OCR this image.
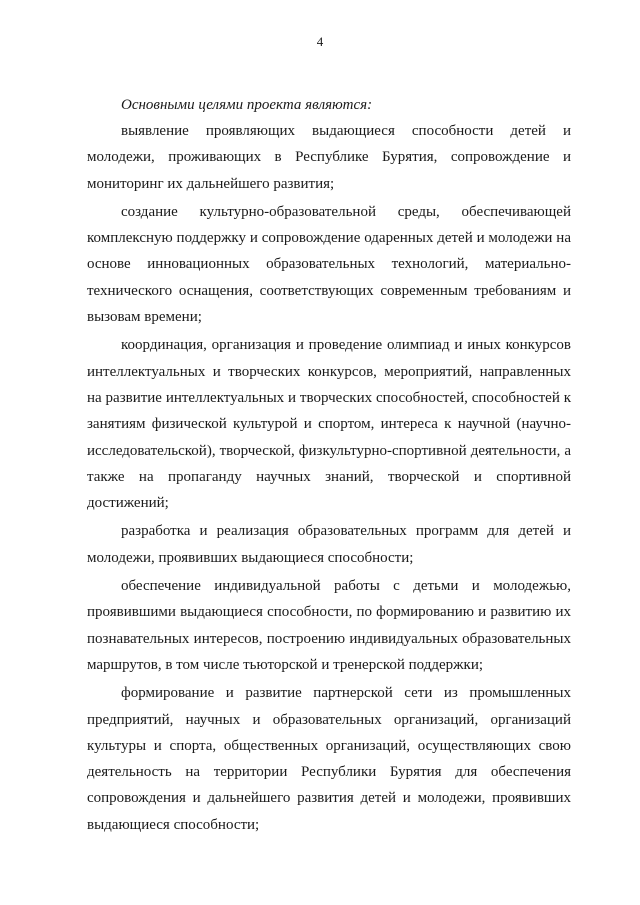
4

Основными целями проекта являются:

выявление проявляющих выдающиеся способности детей и молодежи, проживающих в Республике Бурятия, сопровождение и мониторинг их дальнейшего развития;

создание культурно-образовательной среды, обеспечивающей комплексную поддержку и сопровождение одаренных детей и молодежи на основе инновационных образовательных технологий, материально-технического оснащения, соответствующих современным требованиям и вызовам времени;

координация, организация и проведение олимпиад и иных конкурсов интеллектуальных и творческих конкурсов, мероприятий, направленных на развитие интеллектуальных и творческих способностей, способностей к занятиям физической культурой и спортом, интереса к научной (научно-исследовательской), творческой, физкультурно-спортивной деятельности, а также на пропаганду научных знаний, творческой и спортивной достижений;

разработка и реализация образовательных программ для детей и молодежи, проявивших выдающиеся способности;

обеспечение индивидуальной работы с детьми и молодежью, проявившими выдающиеся способности, по формированию и развитию их познавательных интересов, построению индивидуальных образовательных маршрутов, в том числе тьюторской и тренерской поддержки;

формирование и развитие партнерской сети из промышленных предприятий, научных и образовательных организаций, организаций культуры и спорта, общественных организаций, осуществляющих свою деятельность на территории Республики Бурятия для обеспечения сопровождения и дальнейшего развития детей и молодежи, проявивших выдающиеся способности;
